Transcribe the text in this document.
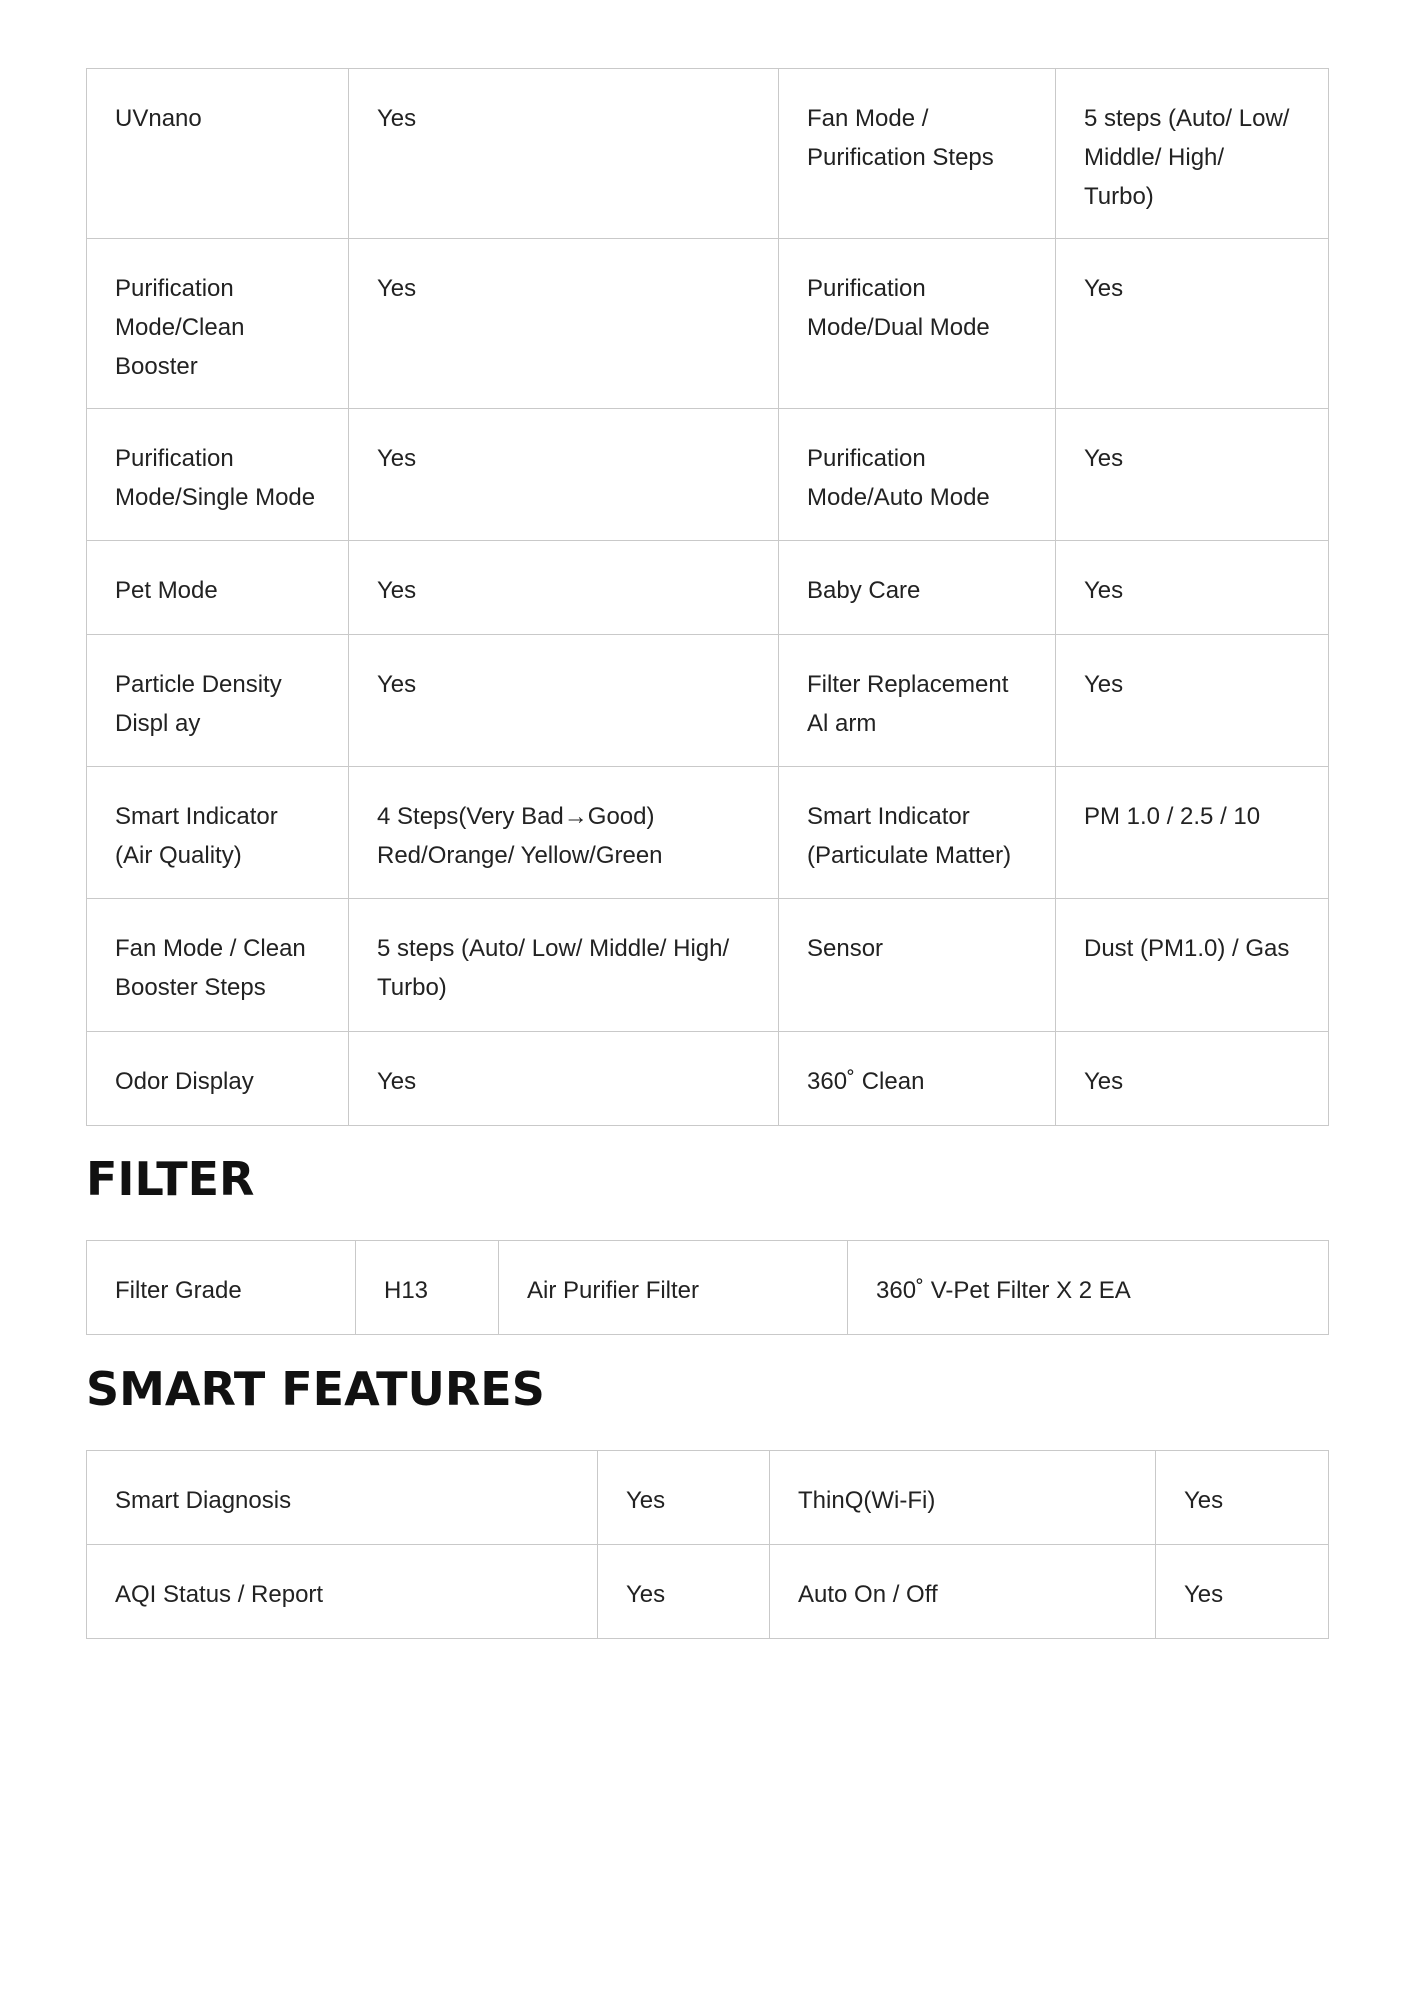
UVnano	Yes	Fan Mode / Purification Steps	5 steps (Auto/ Low/ Middle/ High/ Turbo)
Purification Mode/Clean Booster	Yes	Purification Mode/Dual Mode	Yes
Purification Mode/Single Mode	Yes	Purification Mode/Auto Mode	Yes
Pet Mode	Yes	Baby Care	Yes
Particle Density Displ ay	Yes	Filter Replacement Al arm	Yes
Smart Indicator (Air Quality)	4 Steps(Very Bad→Good) Red/Orange/ Yellow/Green	Smart Indicator (Particulate Matter)	PM 1.0 / 2.5 / 10
Fan Mode / Clean Booster Steps	5 steps (Auto/ Low/ Middle/ High/ Turbo)	Sensor	Dust (PM1.0) / Gas
Odor Display	Yes	360˚ Clean	Yes
FILTER
Filter Grade	H13	Air Purifier Filter	360˚ V-Pet Filter X 2 EA
SMART FEATURES
Smart Diagnosis	Yes	ThinQ(Wi-Fi)	Yes
AQI Status / Report	Yes	Auto On / Off	Yes
